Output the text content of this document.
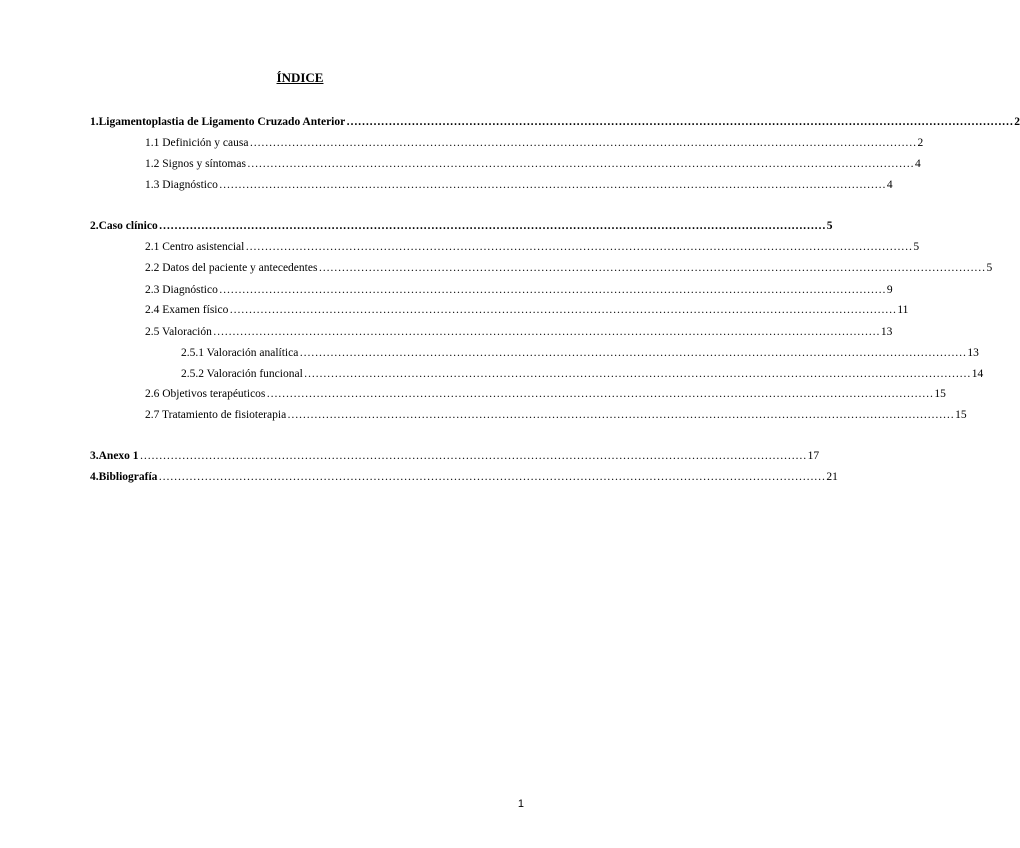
ÍNDICE
1. Ligamentoplastia de Ligamento Cruzado Anterior ………………………………………………………………………………………………………………………………………………………… 2
1.1 Definición y causa ………………………………………………………………………………………………………………………………………………………… 2
1.2 Signos y síntomas ………………………………………………………………………………………………………………………………………………………… 4
1.3 Diagnóstico ………………………………………………………………………………………………………………………………………………………… 4
2. Caso clínico ………………………………………………………………………………………………………………………………………………………… 5
2.1 Centro asistencial ………………………………………………………………………………………………………………………………………………………… 5
2.2 Datos del paciente y antecedentes ………………………………………………………………………………………………………………………………………………………… 5
2.3 Diagnóstico ………………………………………………………………………………………………………………………………………………………… 9
2.4 Examen físico ………………………………………………………………………………………………………………………………………………………… 11
2.5 Valoración ………………………………………………………………………………………………………………………………………………………… 13
2.5.1 Valoración analítica ………………………………………………………………………………………………………………………………………………………… 13
2.5.2 Valoración funcional ………………………………………………………………………………………………………………………………………………………… 14
2.6 Objetivos terapéuticos ………………………………………………………………………………………………………………………………………………………… 15
2.7 Tratamiento de fisioterapia ………………………………………………………………………………………………………………………………………………………… 15
3. Anexo 1 ………………………………………………………………………………………………………………………………………………………… 17
4. Bibliografía ………………………………………………………………………………………………………………………………………………………… 21
1
